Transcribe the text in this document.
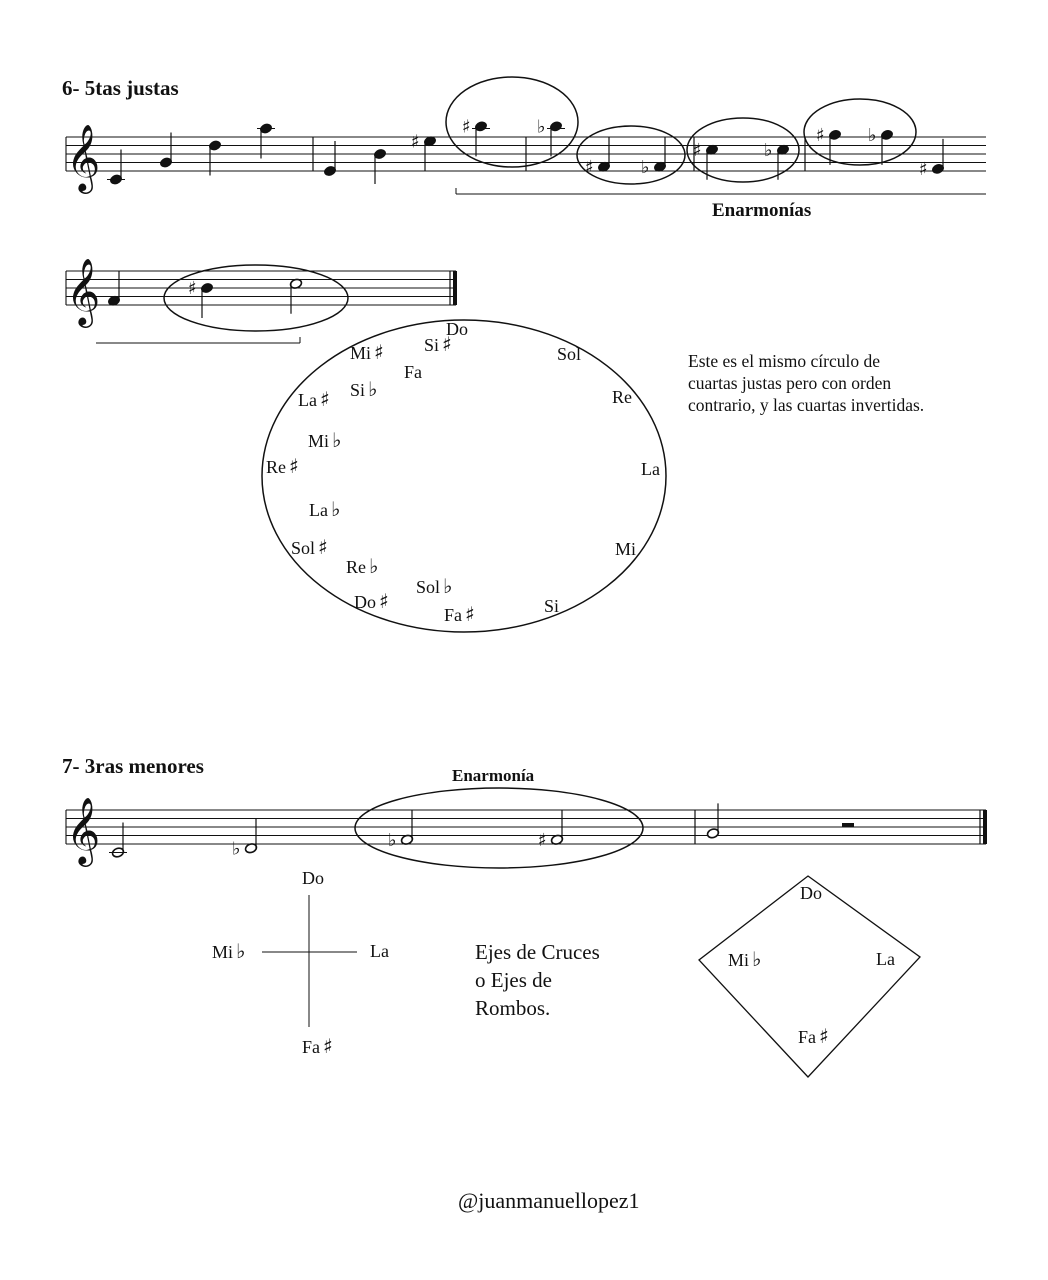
𝄞	♯
♯	♭
♯	♭
♯	♭
♯ ♭
♯
𝄞	♯
𝄞	♭	♭	♯
6- 5tas justas
Enarmonías
Do
Sol
Re
La
Mi
Si
Fa ♯
Sol ♭
Do ♯
Re ♭
Sol ♯
La ♭
Re ♯
Mi ♭
La ♯ Si ♭
Mi ♯
Fa
Si ♯
Este es el mismo círculo de
cuartas justas pero con orden
contrario, y las cuartas invertidas.
7- 3ras menores	Enarmonía
Do
Mi ♭	La
Fa ♯
Ejes de Cruces
o Ejes de
Rombos.
Do
Mi ♭	La
Fa ♯
@juanmanuellopez1
